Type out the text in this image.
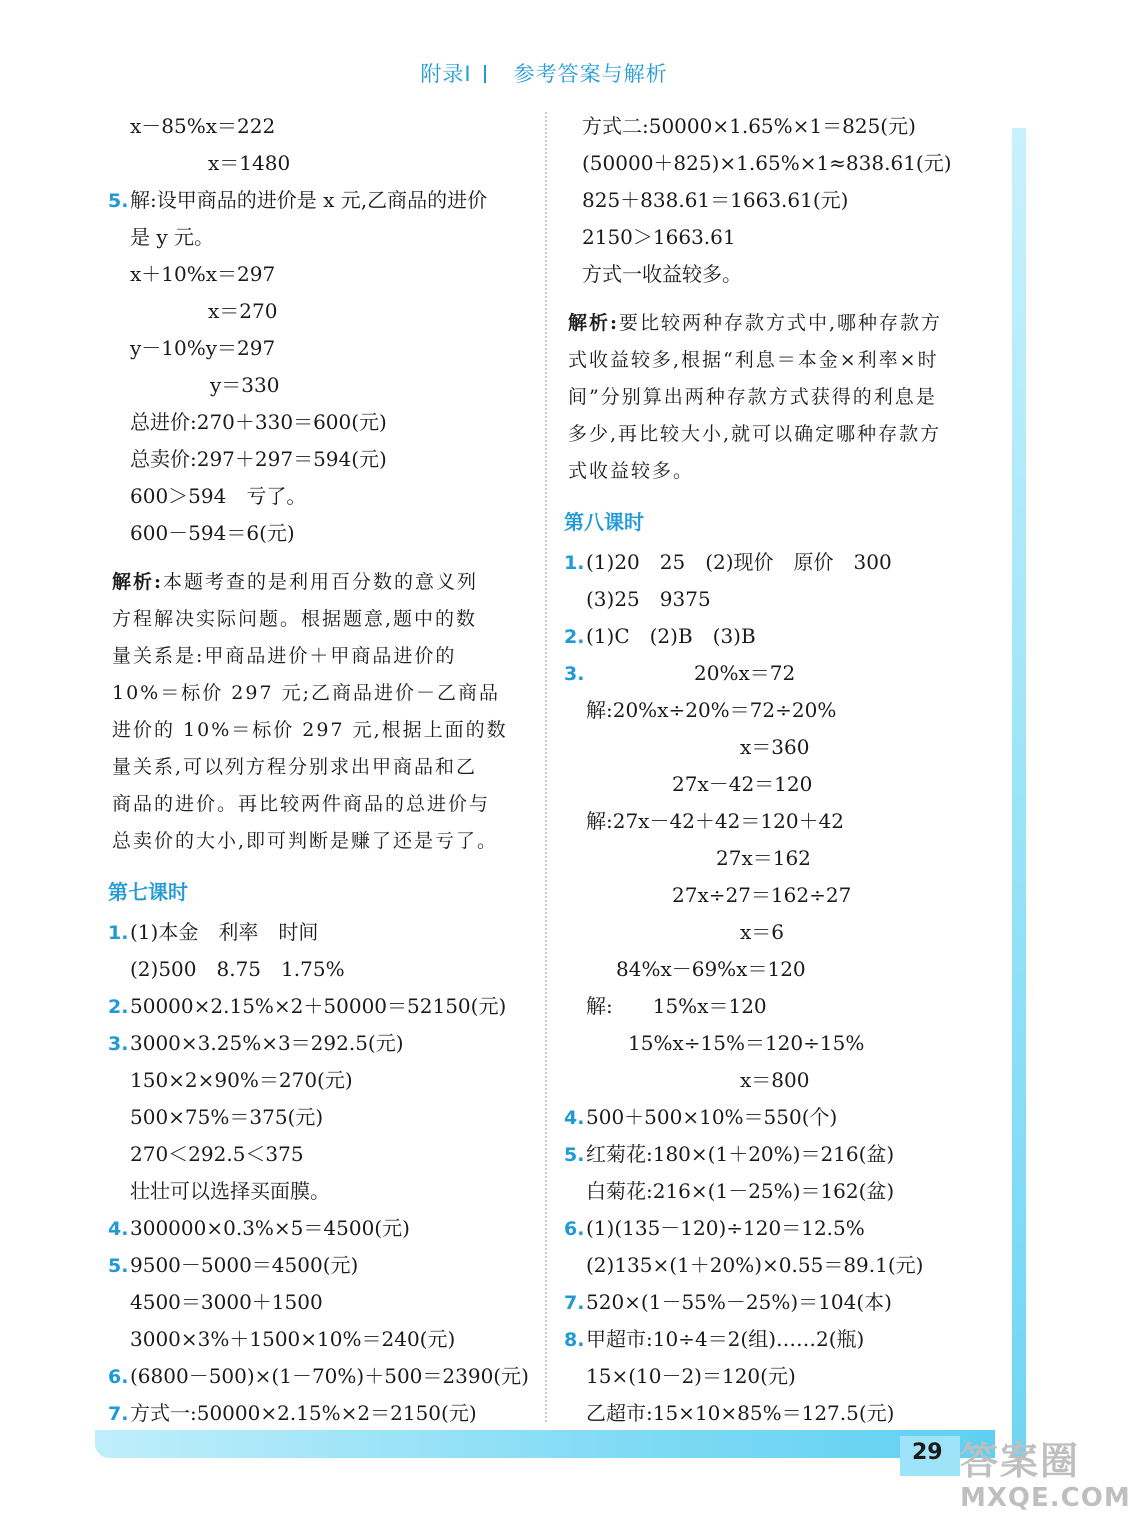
附录Ⅰ 参考答案与解析
x－85%x＝222
x＝1480
5.解:设甲商品的进价是 x 元,乙商品的进价
是 y 元。
x＋10%x＝297
x＝270
y－10%y＝297
y＝330
总进价:270＋330＝600(元)
总卖价:297＋297＝594(元)
600＞594　亏了。
600－594＝6(元)
解析:本题考查的是利用百分数的意义列
方程解决实际问题。根据题意,题中的数
量关系是:甲商品进价＋甲商品进价的
10%＝标价 297 元;乙商品进价－乙商品
进价的 10%＝标价 297 元,根据上面的数
量关系,可以列方程分别求出甲商品和乙
商品的进价。再比较两件商品的总进价与
总卖价的大小,即可判断是赚了还是亏了。
第七课时
1.(1)本金　利率　时间
(2)500　8.75　1.75%
2.50000×2.15%×2＋50000＝52150(元)
3.3000×3.25%×3＝292.5(元)
150×2×90%＝270(元)
500×75%＝375(元)
270＜292.5＜375
壮壮可以选择买面膜。
4.300000×0.3%×5＝4500(元)
5.9500－5000＝4500(元)
4500＝3000＋1500
3000×3%＋1500×10%＝240(元)
6.(6800－500)×(1－70%)＋500＝2390(元)
7.方式一:50000×2.15%×2＝2150(元)
方式二:50000×1.65%×1＝825(元)
(50000＋825)×1.65%×1≈838.61(元)
825＋838.61＝1663.61(元)
2150＞1663.61
方式一收益较多。
解析:要比较两种存款方式中,哪种存款方
式收益较多,根据“利息＝本金×利率×时
间”分别算出两种存款方式获得的利息是
多少,再比较大小,就可以确定哪种存款方
式收益较多。
第八课时
1.(1)20　25　(2)现价　原价　300
(3)25　9375
2.(1)C　(2)B　(3)B
3.	20%x＝72
解:20%x÷20%＝72÷20%
x＝360
27x－42＝120
解:27x－42＋42＝120＋42
27x＝162
27x÷27＝162÷27
x＝6
84%x－69%x＝120
解:　　15%x＝120
15%x÷15%＝120÷15%
x＝800
4.500＋500×10%＝550(个)
5.红菊花:180×(1＋20%)＝216(盆)
白菊花:216×(1－25%)＝162(盆)
6.(1)(135－120)÷120＝12.5%
(2)135×(1＋20%)×0.55＝89.1(元)
7.520×(1－55%－25%)＝104(本)
8.甲超市:10÷4＝2(组)……2(瓶)
15×(10－2)＝120(元)
乙超市:15×10×85%＝127.5(元)
29 答案圈
MXQE.COM
